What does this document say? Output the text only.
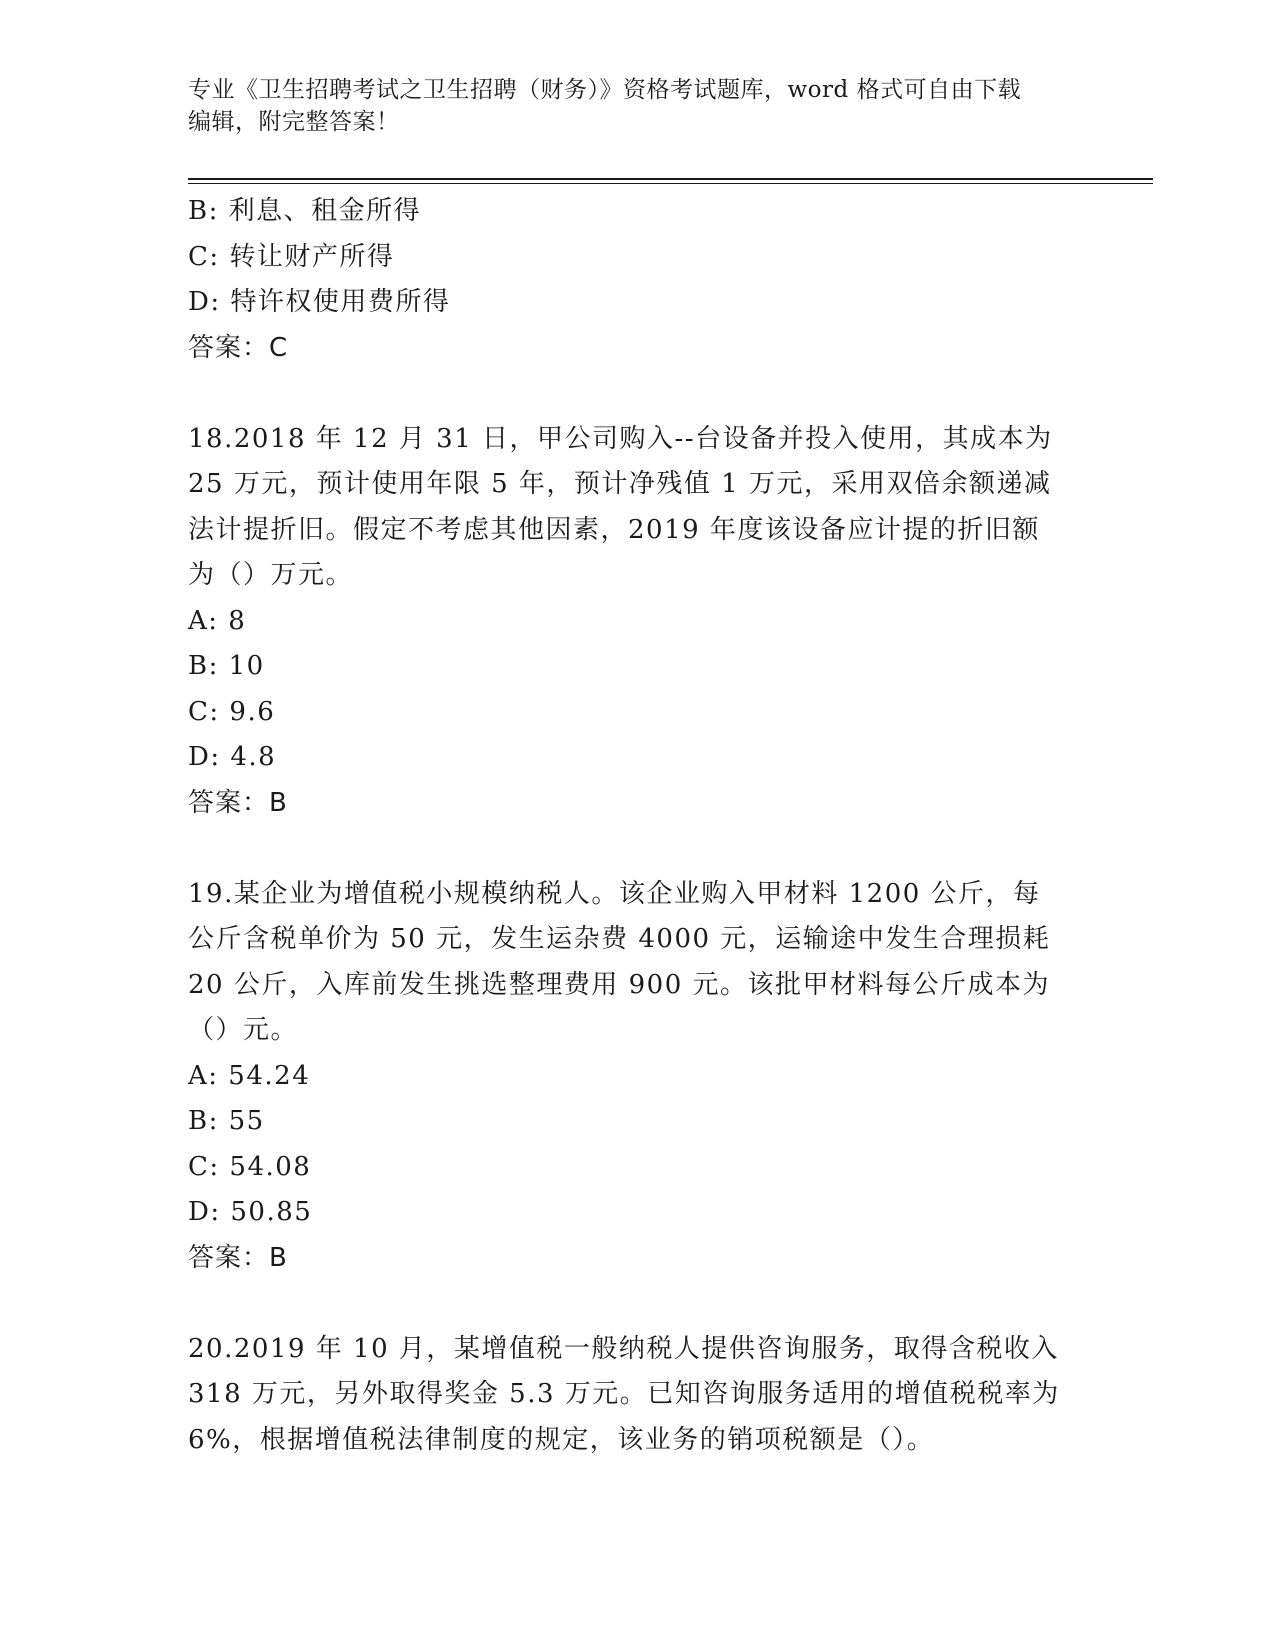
专业《卫生招聘考试之卫生招聘（财务）》资格考试题库，word 格式可自由下载
编辑，附完整答案！
B: 利息、租金所得
C: 转让财产所得
D: 特许权使用费所得
答案：C
18.2018 年 12 月 31 日，甲公司购入--台设备并投入使用，其成本为
25 万元，预计使用年限 5 年，预计净残值 1 万元，采用双倍余额递减
法计提折旧。假定不考虑其他因素，2019 年度该设备应计提的折旧额
为（）万元。
A: 8
B: 10
C: 9.6
D: 4.8
答案：B
19.某企业为增值税小规模纳税人。该企业购入甲材料 1200 公斤，每
公斤含税单价为 50 元，发生运杂费 4000 元，运输途中发生合理损耗
20 公斤，入库前发生挑选整理费用 900 元。该批甲材料每公斤成本为
（）元。
A: 54.24
B: 55
C: 54.08
D: 50.85
答案：B
20.2019 年 10 月，某增值税一般纳税人提供咨询服务，取得含税收入
318 万元，另外取得奖金 5.3 万元。已知咨询服务适用的增值税税率为
6%，根据增值税法律制度的规定，该业务的销项税额是（）。
